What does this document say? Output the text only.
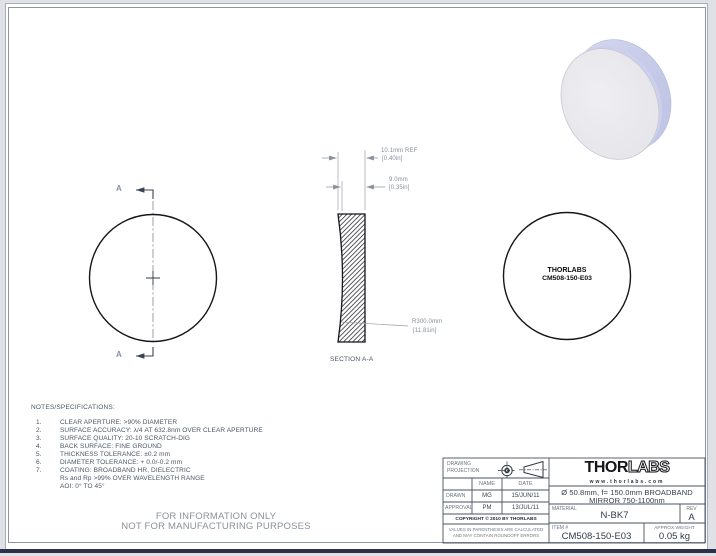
A
A
10.1mm REF
[0.40in]
9.0mm
[0.35in]
R300.0mm
[11.81in]
SECTION A-A
THORLABS
CM508-150-E03
NOTES/SPECIFICATIONS:
1.	CLEAR APERTURE: >90% DIAMETER
2.	SURFACE ACCURACY: λ/4 AT 632.8nm OVER CLEAR APERTURE
3.	SURFACE QUALITY: 20-10 SCRATCH-DIG
4.	BACK SURFACE: FINE GROUND
5.	THICKNESS TOLERANCE: ±0.2 mm
6.	DIAMETER TOLERANCE: + 0.0/-0.2 mm
7.	COATING: BROADBAND HR, DIELECTRIC
Rs and Rp >99% OVER WAVELENGTH RANGE
AOI: 0° TO 45°
FOR INFORMATION ONLY
NOT FOR MANUFACTURING PURPOSES
DRAWING PROJECTION
NAME	DATE
DRAWN	MG	15/JUN/11
APPROVAL	PM	13/JUL/11
COPYRIGHT © 2010 BY THORLABS
VALUES IN PARENTHESIS ARE CALCULATED
AND MAY CONTAIN ROUNDOFF ERRORS
THORLABS
www.thorlabs.com
Ø 50.8mm, f= 150.0mm BROADBAND
MIRROR 750-1100nm
MATERIAL
N-BK7
REV
A
ITEM #
CM508-150-E03
APPROX WEIGHT
0.05 kg
